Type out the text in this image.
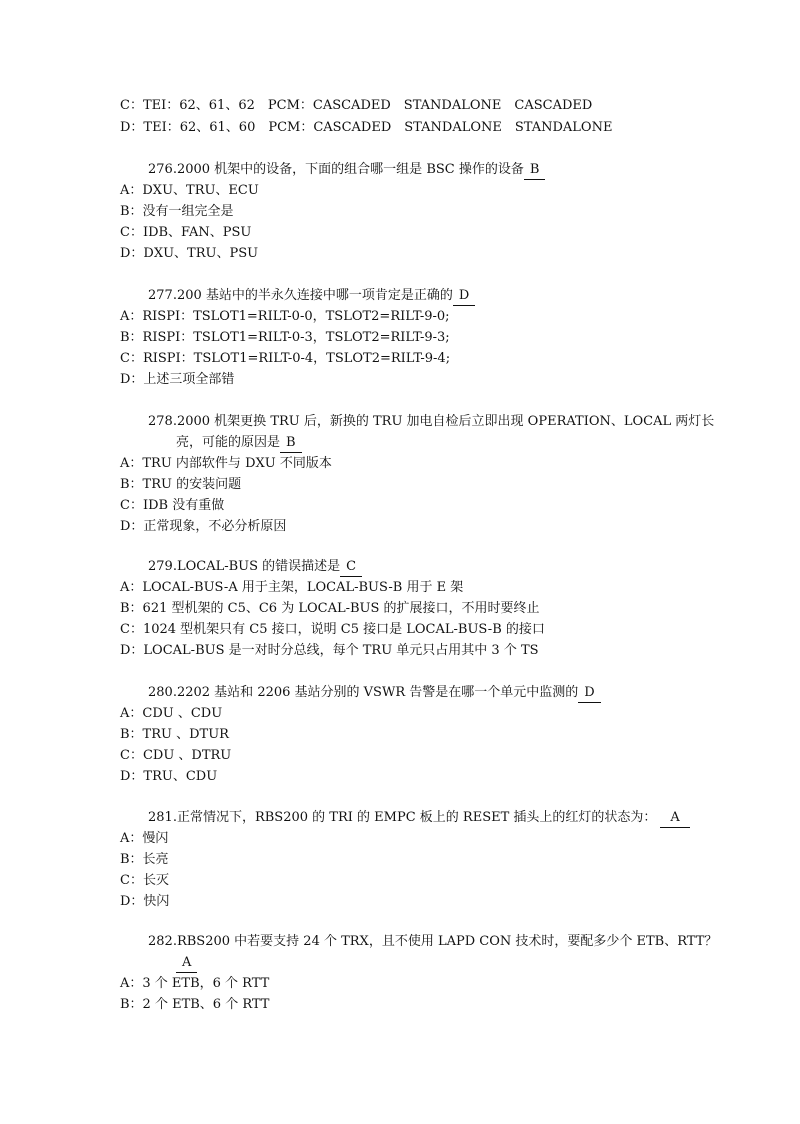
C：TEI：62、61、62　PCM：CASCADED　STANDALONE　CASCADED
D：TEI：62、61、60　PCM：CASCADED　STANDALONE　STANDALONE
276.2000 机架中的设备，下面的组合哪一组是 BSC 操作的设备 B
A：DXU、TRU、ECU
B：没有一组完全是
C：IDB、FAN、PSU
D：DXU、TRU、PSU
277.200 基站中的半永久连接中哪一项肯定是正确的 D
A：RISPI：TSLOT1=RILT-0-0，TSLOT2=RILT-9-0;
B：RISPI：TSLOT1=RILT-0-3，TSLOT2=RILT-9-3;
C：RISPI：TSLOT1=RILT-0-4，TSLOT2=RILT-9-4;
D：上述三项全部错
278.2000 机架更换 TRU 后，新换的 TRU 加电自检后立即出现 OPERATION、LOCAL 两灯长
亮，可能的原因是 B
A：TRU 内部软件与 DXU 不同版本
B：TRU 的安装问题
C：IDB 没有重做
D：正常现象，不必分析原因
279.LOCAL-BUS 的错误描述是 C
A：LOCAL-BUS-A 用于主架，LOCAL-BUS-B 用于 E 架
B：621 型机架的 C5、C6 为 LOCAL-BUS 的扩展接口，不用时要终止
C：1024 型机架只有 C5 接口，说明 C5 接口是 LOCAL-BUS-B 的接口
D：LOCAL-BUS 是一对时分总线，每个 TRU 单元只占用其中 3 个 TS
280.2202 基站和 2206 基站分别的 VSWR 告警是在哪一个单元中监测的 D
A：CDU 、CDU
B：TRU 、DTUR
C：CDU 、DTRU
D：TRU、CDU
281.正常情况下，RBS200 的 TRI 的 EMPC 板上的 RESET 插头上的红灯的状态为： A
A：慢闪
B：长亮
C：长灭
D：快闪
282.RBS200 中若要支持 24 个 TRX，且不使用 LAPD CON 技术时，要配多少个 ETB、RTT？
A
A：3 个 ETB，6 个 RTT
B：2 个 ETB、6 个 RTT
